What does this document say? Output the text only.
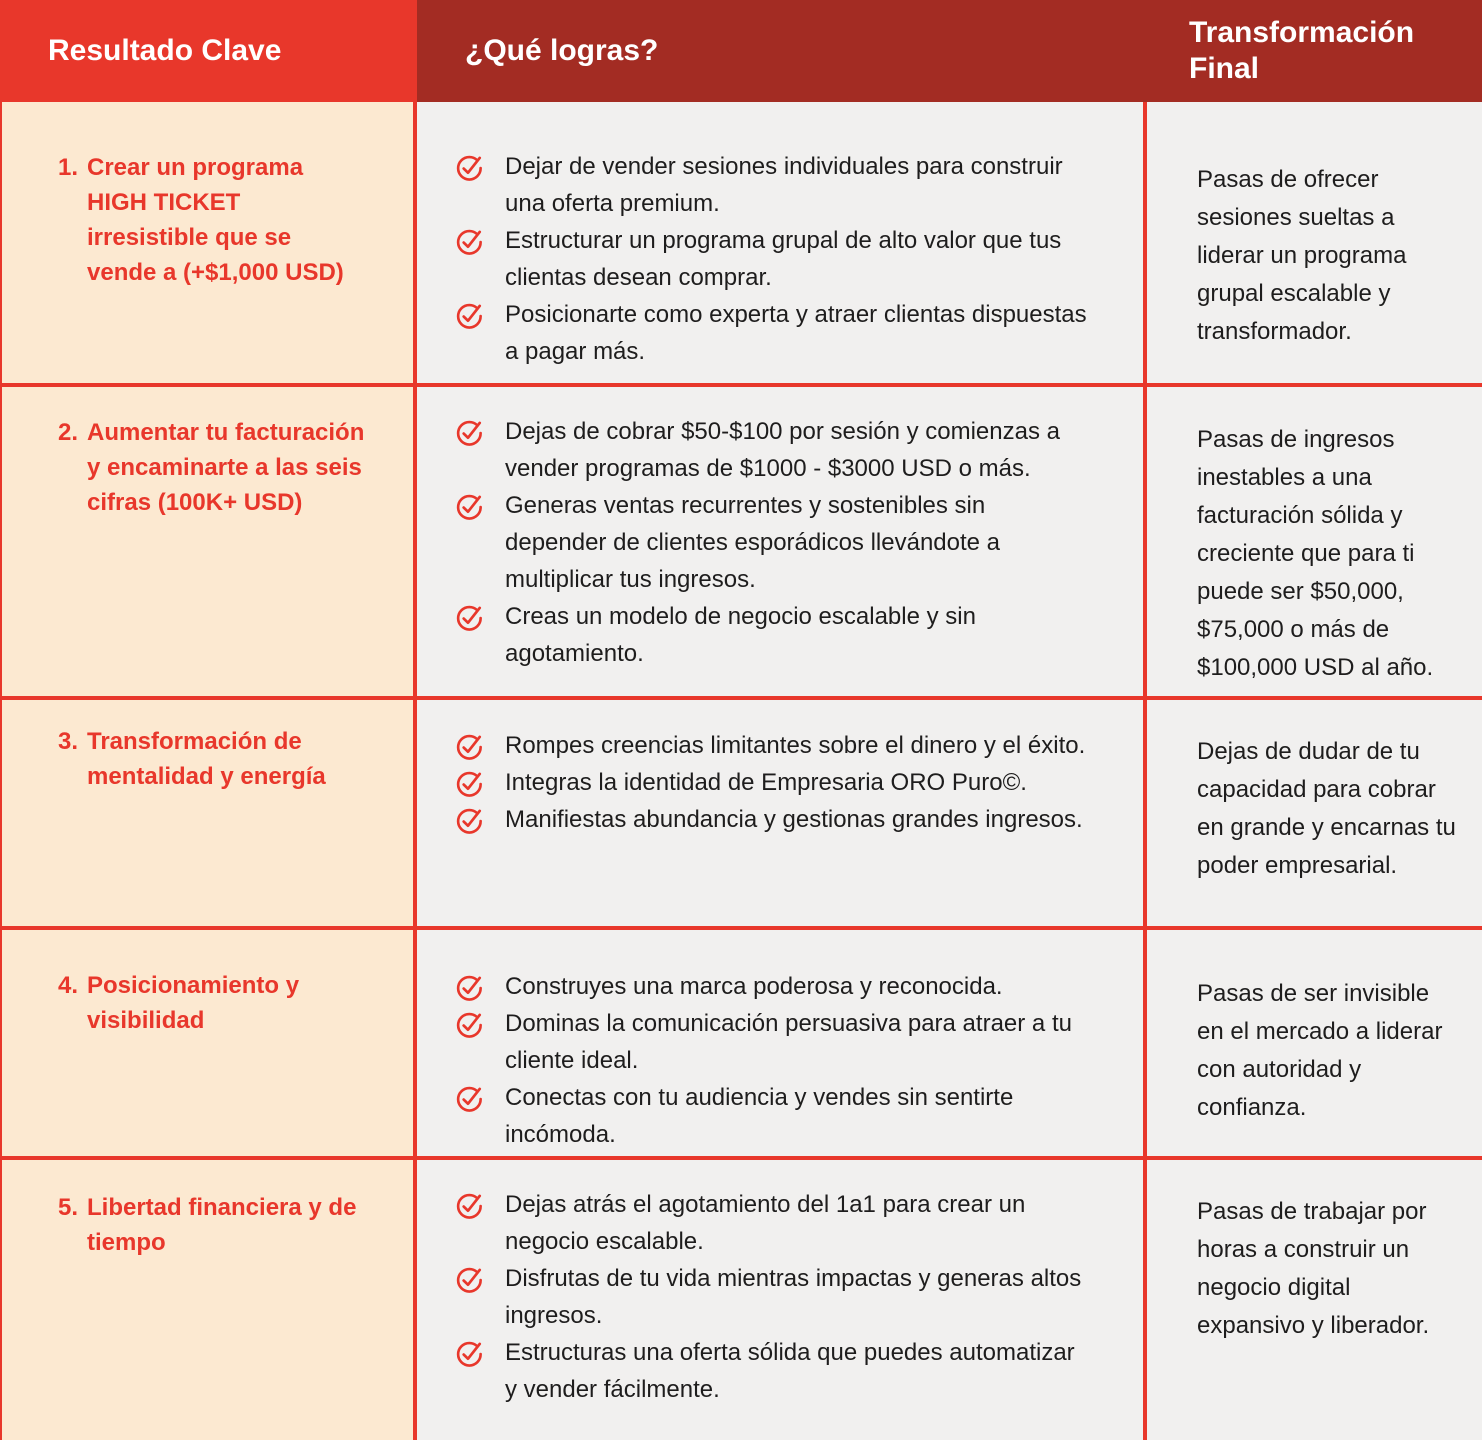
Resultado Clave	¿Qué logras?
Transformación Final
1. Crear un programa HIGH TICKET irresistible que se vende a (+$1,000 USD)
Dejar de vender sesiones individuales para construir una oferta premium.
Estructurar un programa grupal de alto valor que tus clientas desean comprar.
Posicionarte como experta y atraer clientas dispuestas a pagar más.
Pasas de ofrecer sesiones sueltas a liderar un programa grupal escalable y transformador.
2. Aumentar tu facturación y encaminarte a las seis cifras (100K+ USD)
Dejas de cobrar $50-$100 por sesión y comienzas a vender programas de $1000 - $3000 USD o más.
Generas ventas recurrentes y sostenibles sin depender de clientes esporádicos llevándote a multiplicar tus ingresos.
Creas un modelo de negocio escalable y sin agotamiento.
Pasas de ingresos inestables a una facturación sólida y creciente que para ti puede ser $50,000, $75,000 o más de $100,000 USD al año.
3. Transformación de mentalidad y energía
Rompes creencias limitantes sobre el dinero y el éxito.
Integras la identidad de Empresaria ORO Puro©.
Manifiestas abundancia y gestionas grandes ingresos.
Dejas de dudar de tu capacidad para cobrar en grande y encarnas tu poder empresarial.
4. Posicionamiento y visibilidad
Construyes una marca poderosa y reconocida.
Dominas la comunicación persuasiva para atraer a tu cliente ideal.
Conectas con tu audiencia y vendes sin sentirte incómoda.
Pasas de ser invisible en el mercado a liderar con autoridad y confianza.
5. Libertad financiera y de tiempo
Dejas atrás el agotamiento del 1a1 para crear un negocio escalable.
Disfrutas de tu vida mientras impactas y generas altos ingresos.
Estructuras una oferta sólida que puedes automatizar y vender fácilmente.
Pasas de trabajar por horas a construir un negocio digital expansivo y liberador.
